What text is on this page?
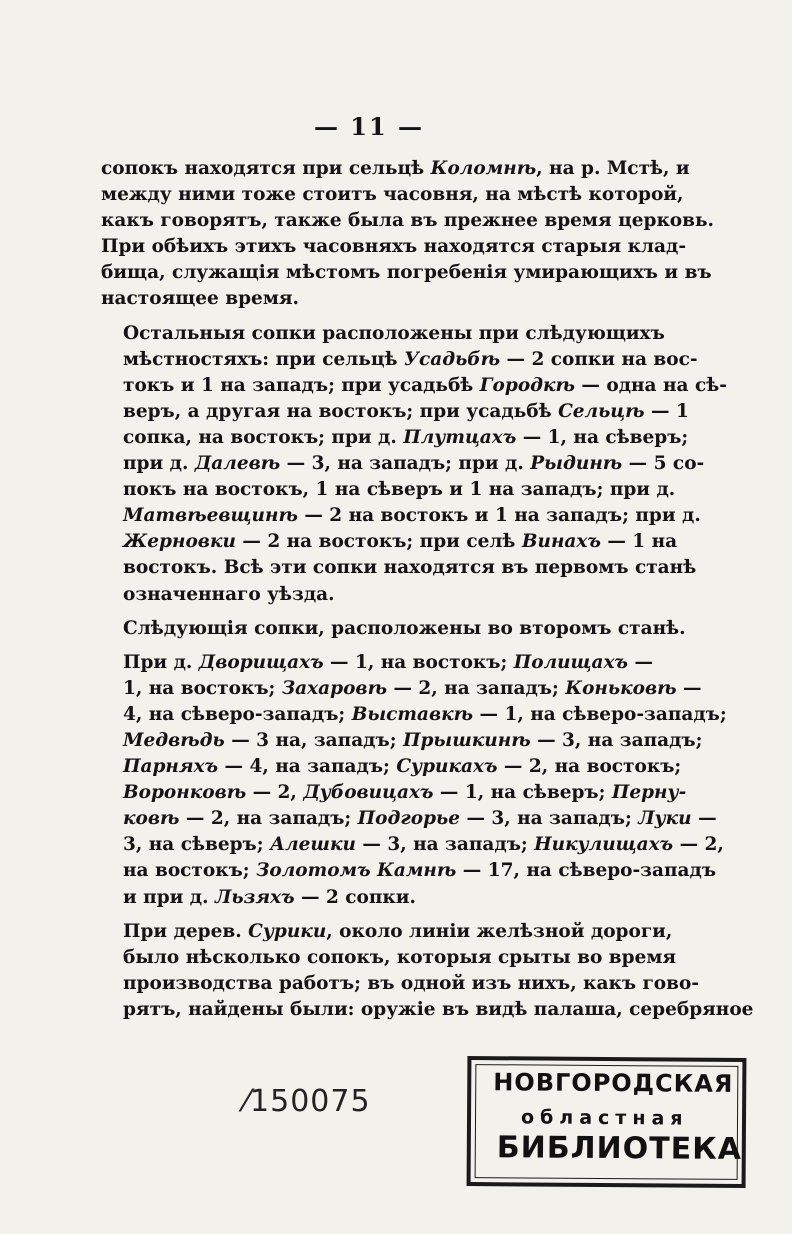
— 11 —
сопокъ находятся при сельцѣ Коломнѣ, на р. Мстѣ, и
между ними тоже стоитъ часовня, на мѣстѣ которой,
какъ говорятъ, также была въ прежнее время церковь.
При обѣихъ этихъ часовняхъ находятся старыя клад-
бища, служащія мѣстомъ погребенія умирающихъ и въ
настоящее время.
Остальныя сопки расположены при слѣдующихъ
мѣстностяхъ: при сельцѣ Усадьбѣ — 2 сопки на вос-
токъ и 1 на западъ; при усадьбѣ Городкѣ — одна на сѣ-
веръ, а другая на востокъ; при усадьбѣ Сельцѣ — 1
сопка, на востокъ; при д. Плутцахъ — 1, на сѣверъ;
при д. Далевѣ — 3, на западъ; при д. Рыдинѣ — 5 со-
покъ на востокъ, 1 на сѣверъ и 1 на западъ; при д.
Матвѣевщинѣ — 2 на востокъ и 1 на западъ; при д.
Жерновки — 2 на востокъ; при селѣ Винахъ — 1 на
востокъ. Всѣ эти сопки находятся въ первомъ станѣ
означеннаго уѣзда.
Слѣдующія сопки, расположены во второмъ станѣ.
При д. Дворищахъ — 1, на востокъ; Полищахъ —
1, на востокъ; Захаровѣ — 2, на западъ; Коньковѣ —
4, на сѣверо-западъ; Выставкѣ — 1, на сѣверо-западъ;
Медвѣдь — 3 на, западъ; Прышкинѣ — 3, на западъ;
Парняхъ — 4, на западъ; Сурикахъ — 2, на востокъ;
Воронковѣ — 2, Дубовицахъ — 1, на сѣверъ; Перну-
ковѣ — 2, на западъ; Подгорье — 3, на западъ; Луки —
3, на сѣверъ; Алешки — 3, на западъ; Никулищахъ — 2,
на востокъ; Золотомъ Камнѣ — 17, на сѣверо-западъ
и при д. Льзяхъ — 2 сопки.
При дерев. Сурики, около линіи желѣзной дороги,
было нѣсколько сопокъ, которыя срыты во время
производства работъ; въ одной изъ нихъ, какъ гово-
рятъ, найдены были: оружіе въ видѣ палаша, серебряное
⁄150075
НОВГОРОДСКАЯ
областная
БИБЛИОТЕКА
